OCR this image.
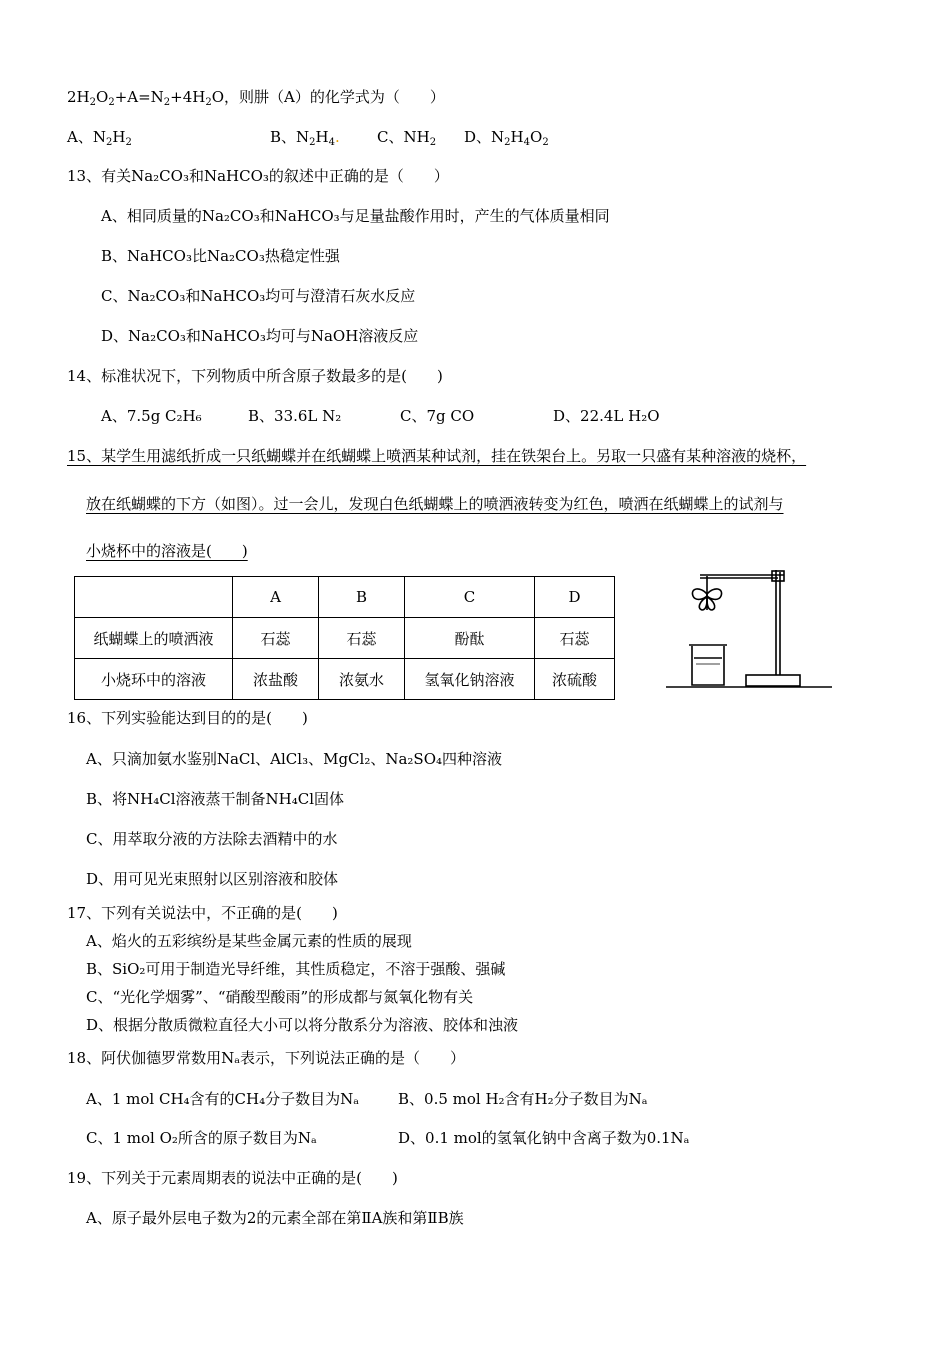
$2H_2O_2+A=N_2+4H_2O$，则肼（A）的化学式为（　　）
A、$N_2H_2$	B、$N_2H_4$. C、$NH_2$ D、$N_2H_4O_2$
13、有关Na₂CO₃和NaHCO₃的叙述中正确的是（　　）
A、相同质量的Na₂CO₃和NaHCO₃与足量盐酸作用时，产生的气体质量相同
B、NaHCO₃比Na₂CO₃热稳定性强
C、Na₂CO₃和NaHCO₃均可与澄清石灰水反应
D、Na₂CO₃和NaHCO₃均可与NaOH溶液反应
14、标准状况下，下列物质中所含原子数最多的是(　　)
A、7.5g C₂H₆	B、33.6L N₂	C、7g CO	D、22.4L H₂O
15、某学生用滤纸折成一只纸蝴蝶并在纸蝴蝶上喷洒某种试剂，挂在铁架台上。另取一只盛有某种溶液的烧杯，
放在纸蝴蝶的下方（如图）。过一会儿，发现白色纸蝴蝶上的喷洒液转变为红色，喷洒在纸蝴蝶上的试剂与
小烧杯中的溶液是(　　)
	A	B	C	D
纸蝴蝶上的喷洒液	石蕊	石蕊	酚酞	石蕊
小烧环中的溶液	浓盐酸	浓氨水	氢氧化钠溶液	浓硫酸
16、下列实验能达到目的的是(　　)
A、只滴加氨水鉴别NaCl、AlCl₃、MgCl₂、Na₂SO₄四种溶液
B、将NH₄Cl溶液蒸干制备NH₄Cl固体
C、用萃取分液的方法除去酒精中的水
D、用可见光束照射以区别溶液和胶体
17、下列有关说法中，不正确的是(　　)
A、焰火的五彩缤纷是某些金属元素的性质的展现
B、SiO₂可用于制造光导纤维，其性质稳定，不溶于强酸、强碱
C、“光化学烟雾”、“硝酸型酸雨”的形成都与氮氧化物有关
D、根据分散质微粒直径大小可以将分散系分为溶液、胶体和浊液
18、阿伏伽德罗常数用Nₐ表示，下列说法正确的是（　　）
A、1 mol CH₄含有的CH₄分子数目为Nₐ	B、0.5 mol H₂含有H₂分子数目为Nₐ
C、1 mol O₂所含的原子数目为Nₐ	D、0.1 mol的氢氧化钠中含离子数为0.1Nₐ
19、下列关于元素周期表的说法中正确的是(　　)
A、原子最外层电子数为2的元素全部在第ⅡA族和第ⅡB族
